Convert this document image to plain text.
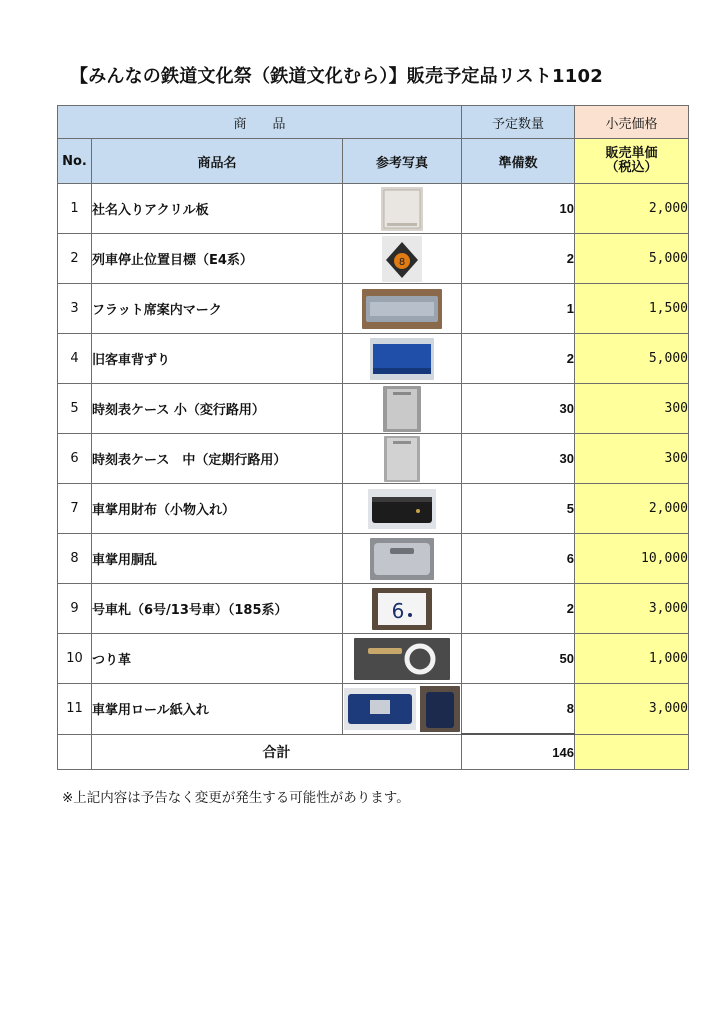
【みんなの鉄道文化祭（鉄道文化むら）】販売予定品リスト1102
商　　品			予定数量	小売価格
No.	商品名	参考写真	準備数	販売単価
（税込）

1	社名入りアクリル板		10	2,000
2	列車停止位置目標（E4系）	8	2	5,000
3	フラット席案内マーク		1	1,500
4	旧客車背ずり		2	5,000
5	時刻表ケース 小（変行路用）		30	300
6	時刻表ケース　中（定期行路用）		30	300
7	車掌用財布（小物入れ）		5	2,000
8	車掌用胴乱		6	10,000
9	号車札（6号/13号車）（185系）	6	2	3,000
10	つり革		50	1,000
11	車掌用ロール紙入れ		8	3,000
	合計		146	
※上記内容は予告なく変更が発生する可能性があります。
